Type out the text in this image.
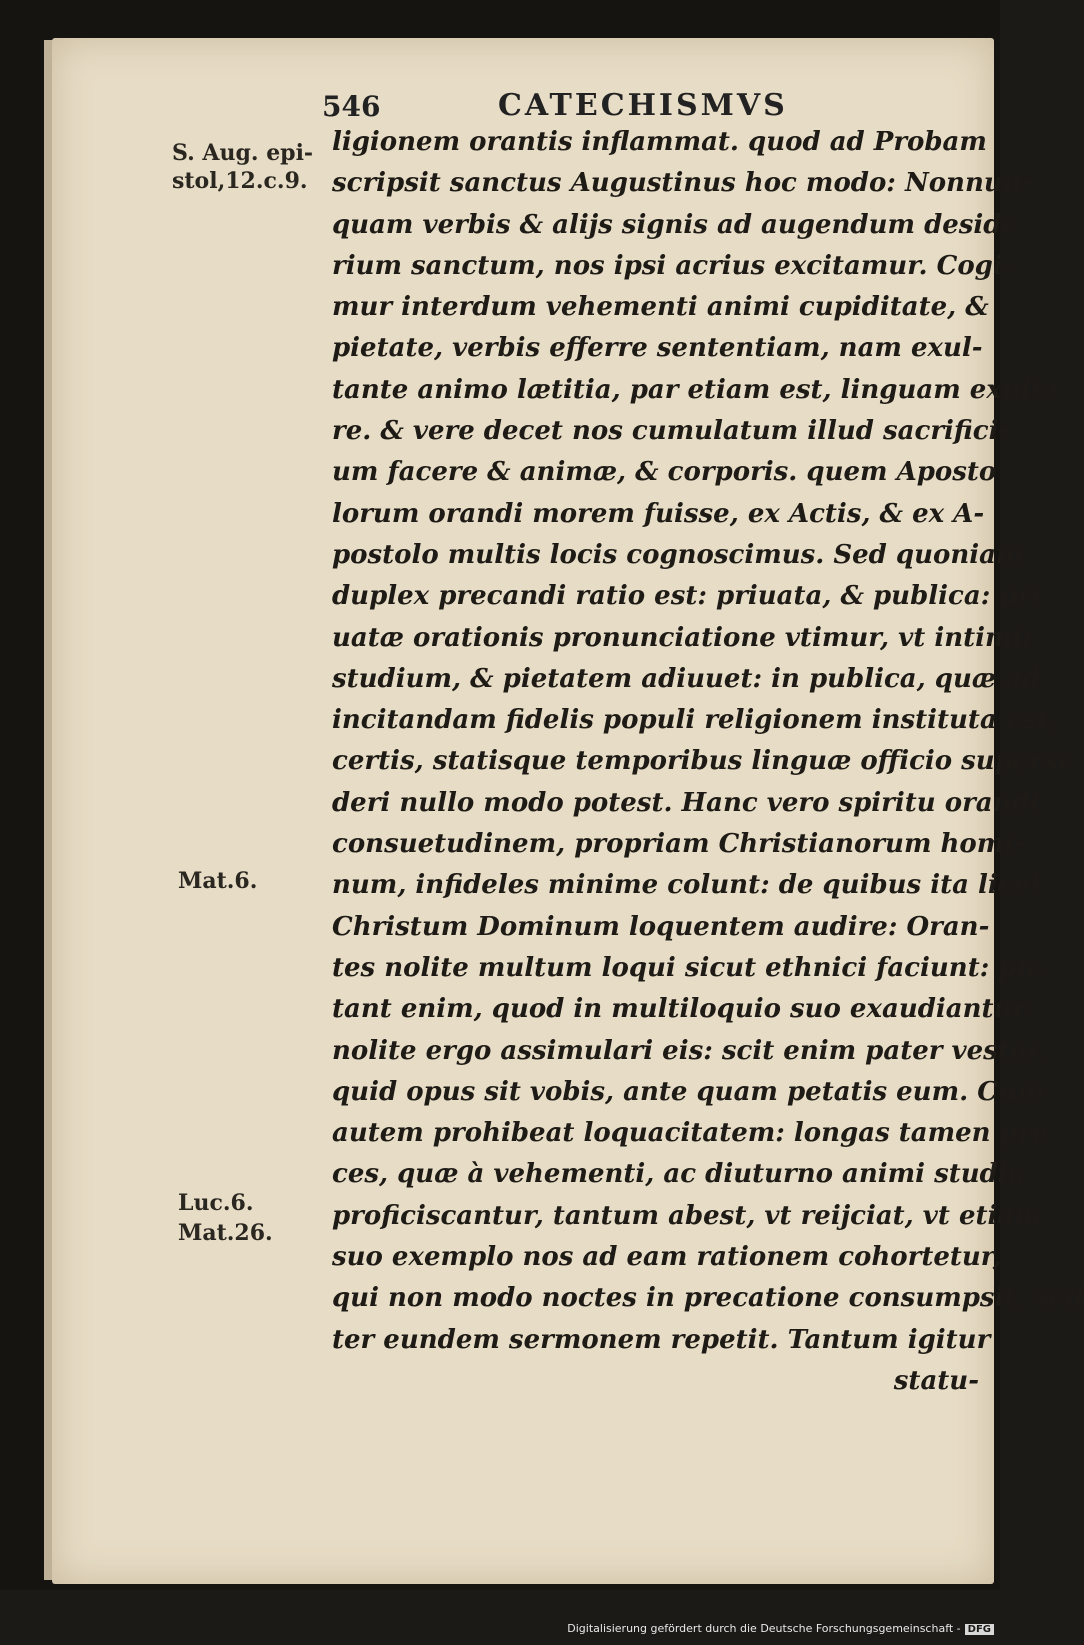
546	CATECHISMVS
S. Aug. epi-
stol,12.c.9.
Mat.6.
Luc.6.
Mat.26.
ligionem orantis inflammat. quod ad Probam
scripsit sanctus Augustinus hoc modo: Nonnun-
quam verbis & alijs signis ad augendum deside
rium sanctum, nos ipsi acrius excitamur. Cogi-
mur interdum vehementi animi cupiditate, &
pietate, verbis efferre sententiam, nam exul-
tante animo lætitia, par etiam est, linguam exulta
re. & vere decet nos cumulatum illud sacrifici-
um facere & animæ, & corporis. quem Aposto
lorum orandi morem fuisse, ex Actis, & ex A-
postolo multis locis cognoscimus. Sed quoniam
duplex precandi ratio est: priuata, & publica: pri
uatæ orationis pronunciatione vtimur, vt intimũ
studium, & pietatem adiuuet: in publica, quæ ad
incitandam fidelis populi religionem instituta est,
certis, statisque temporibus linguæ officio superse
deri nullo modo potest. Hanc vero spiritu orandi
consuetudinem, propriam Christianorum homi-
num, infideles minime colunt: de quibus ita licet
Christum Dominum loquentem audire: Oran-
tes nolite multum loqui sicut ethnici faciunt: pu-
tant enim, quod in multiloquio suo exaudiantur.
nolite ergo assimulari eis: scit enim pater vester,
quid opus sit vobis, ante quam petatis eum. Cum
autem prohibeat loquacitatem: longas tamen pre
ces, quæ à vehementi, ac diuturno animi studio
proficiscantur, tantum abest, vt reijciat, vt etiam
suo exemplo nos ad eam rationem cohortetur,
qui non modo noctes in precatione consumpsit, sed
ter eundem sermonem repetit. Tantum igitur
statu-
Digitalisierung gefördert durch die Deutsche Forschungsgemeinschaft - DFG
